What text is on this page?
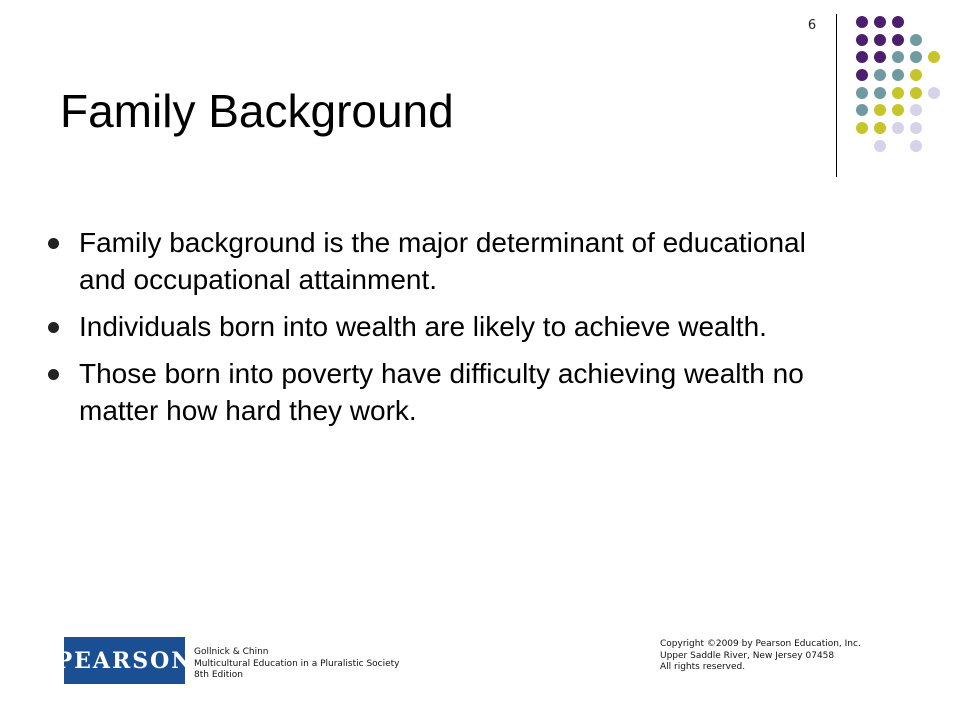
6
Family Background
Family background is the major determinant of educational and occupational attainment.
Individuals born into wealth are likely to achieve wealth.
Those born into poverty have difficulty achieving wealth no matter how hard they work.
PEARSON Gollnick & Chinn
Multicultural Education in a Pluralistic Society
8th Edition
Copyright ©2009 by Pearson Education, Inc.
Upper Saddle River, New Jersey 07458
All rights reserved.
